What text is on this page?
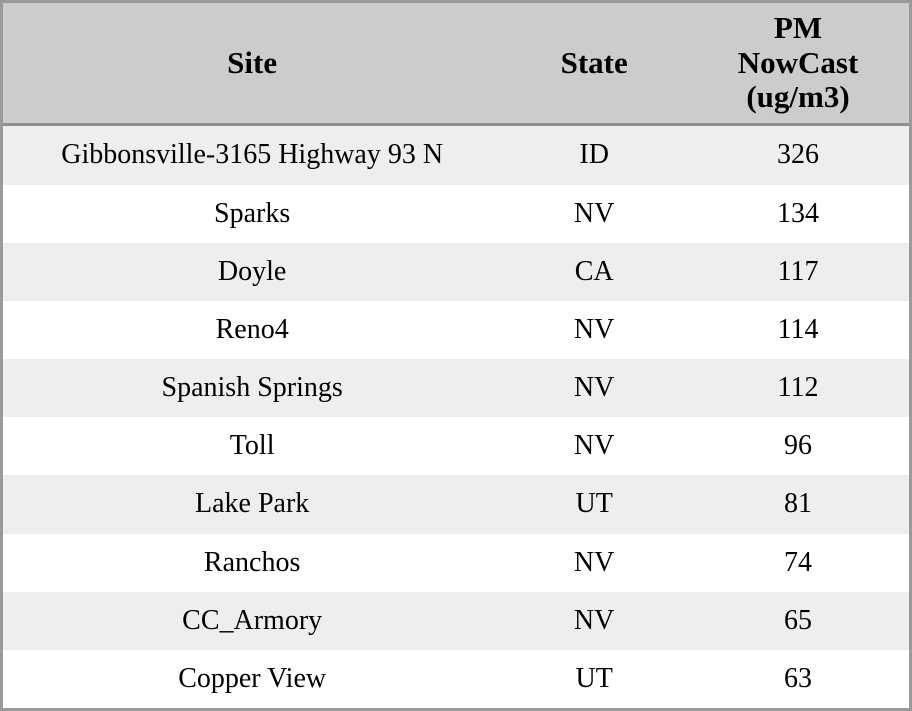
Site	State	PM
NowCast
(ug/m3)

Gibbonsville-3165 Highway 93 N	ID	326
Sparks	NV	134
Doyle	CA	117
Reno4	NV	114
Spanish Springs	NV	112
Toll	NV	96
Lake Park	UT	81
Ranchos	NV	74
CC_Armory	NV	65
Copper View	UT	63
